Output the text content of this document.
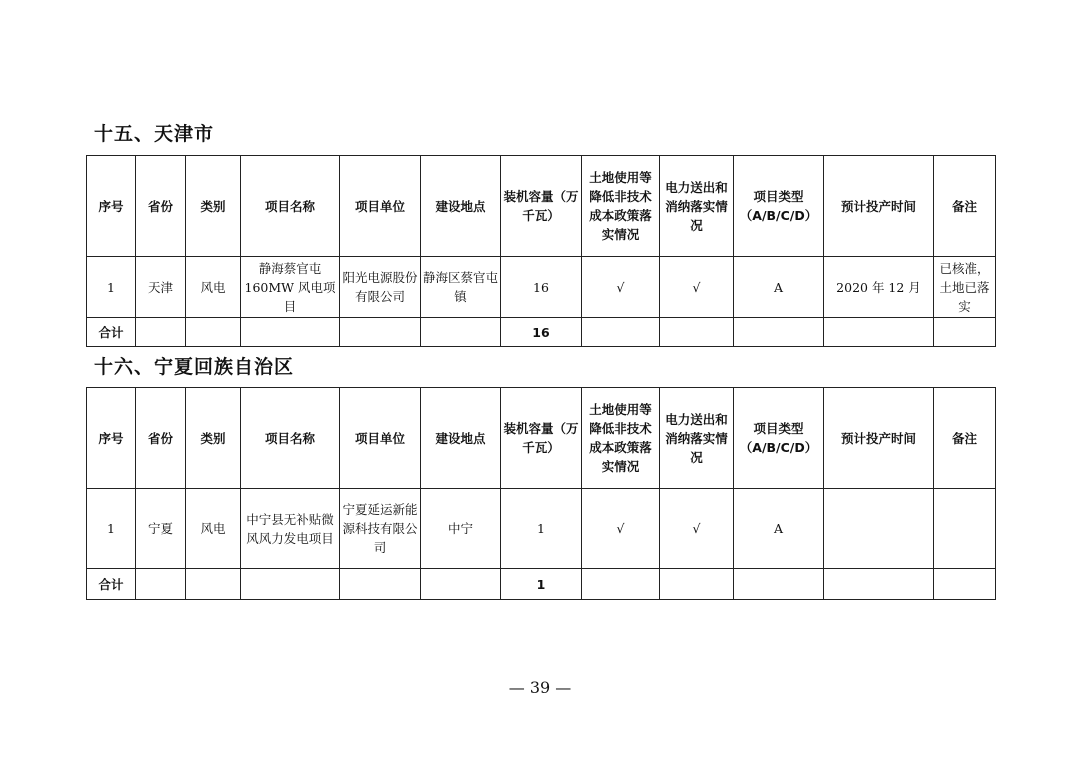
十五、天津市
序号	省份	类别	项目名称	项目单位	建设地点	装机容量（万千瓦）	土地使用等降低非技术成本政策落实情况	电力送出和消纳落实情况	项目类型（A/B/C/D）	预计投产时间	备注
1	天津	风电	静海蔡官屯160MW 风电项目	阳光电源股份有限公司	静海区蔡官屯镇	16	√	√	A	2020 年 12 月	已核准，土地已落实
合计						16					
十六、宁夏回族自治区
序号	省份	类别	项目名称	项目单位	建设地点	装机容量（万千瓦）	土地使用等降低非技术成本政策落实情况	电力送出和消纳落实情况	项目类型（A/B/C/D）	预计投产时间	备注
1	宁夏	风电	中宁县无补贴微风风力发电项目	宁夏延运新能源科技有限公司	中宁	1	√	√	A		
合计						1					
— 39 —
